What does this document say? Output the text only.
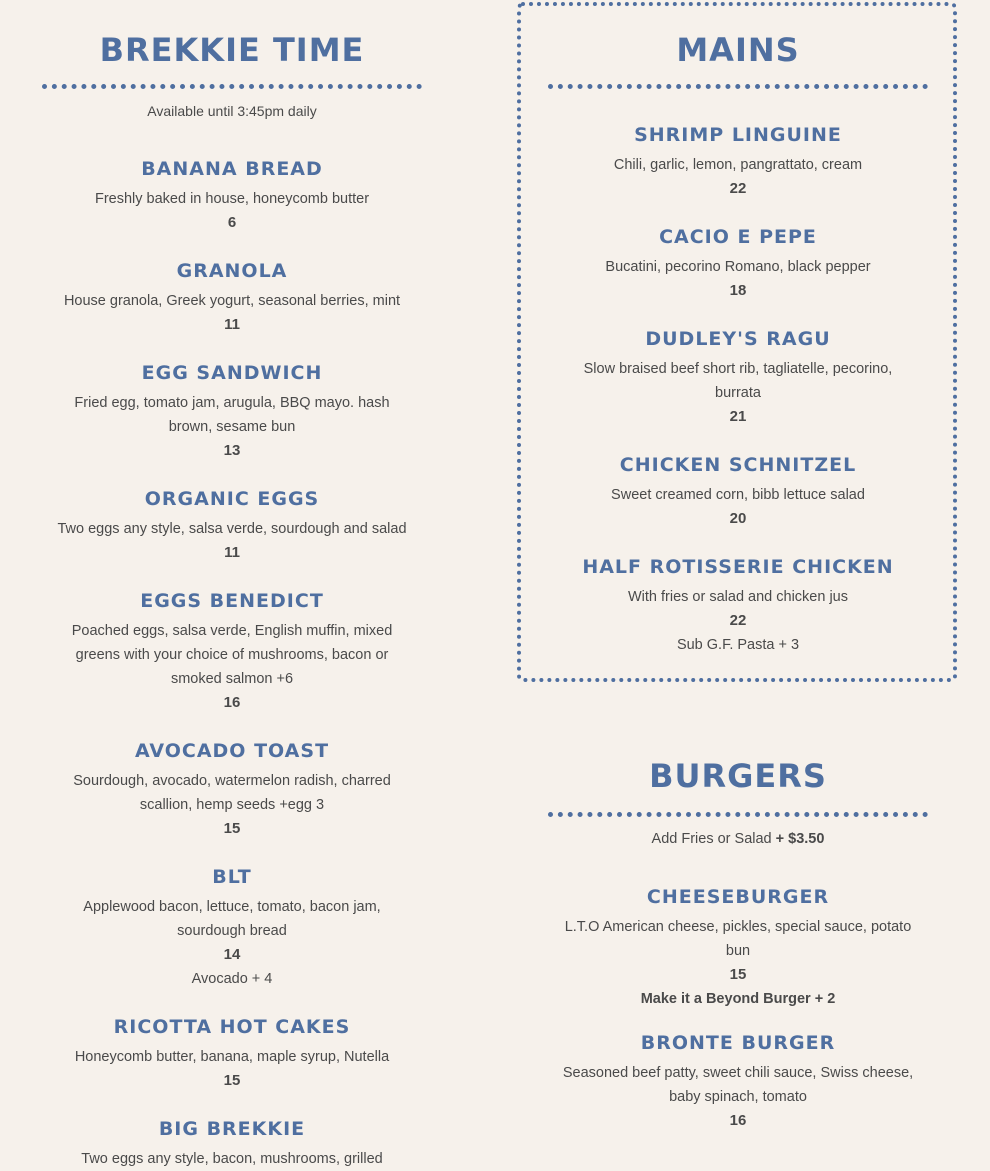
BREKKIE TIME
Available until 3:45pm daily
BANANA BREAD

Freshly baked in house, honeycomb butter

6

GRANOLA

House granola, Greek yogurt, seasonal berries, mint

11

EGG SANDWICH

Fried egg, tomato jam, arugula, BBQ mayo. hash brown, sesame bun

13

ORGANIC EGGS

Two eggs any style, salsa verde, sourdough and salad

11

EGGS BENEDICT

Poached eggs, salsa verde, English muffin, mixed greens with your choice of mushrooms, bacon or smoked salmon +6

16

AVOCADO TOAST

Sourdough, avocado, watermelon radish, charred scallion, hemp seeds +egg 3

15

BLT

Applewood bacon, lettuce, tomato, bacon jam, sourdough bread

14

Avocado + 4

RICOTTA HOT CAKES

Honeycomb butter, banana, maple syrup, Nutella

15

BIG BREKKIE

Two eggs any style, bacon, mushrooms, grilled

MAINS
SHRIMP LINGUINE

Chili, garlic, lemon, pangrattato, cream

22

CACIO E PEPE

Bucatini, pecorino Romano, black pepper

18

DUDLEY'S RAGU

Slow braised beef short rib, tagliatelle, pecorino, burrata

21

CHICKEN SCHNITZEL

Sweet creamed corn, bibb lettuce salad

20

HALF ROTISSERIE CHICKEN

With fries or salad and chicken jus

22

Sub G.F. Pasta + 3

BURGERS
Add Fries or Salad + $3.50
CHEESEBURGER

L.T.O American cheese, pickles, special sauce, potato bun

15

Make it a Beyond Burger + 2

BRONTE BURGER

Seasoned beef patty, sweet chili sauce, Swiss cheese, baby spinach, tomato

16
